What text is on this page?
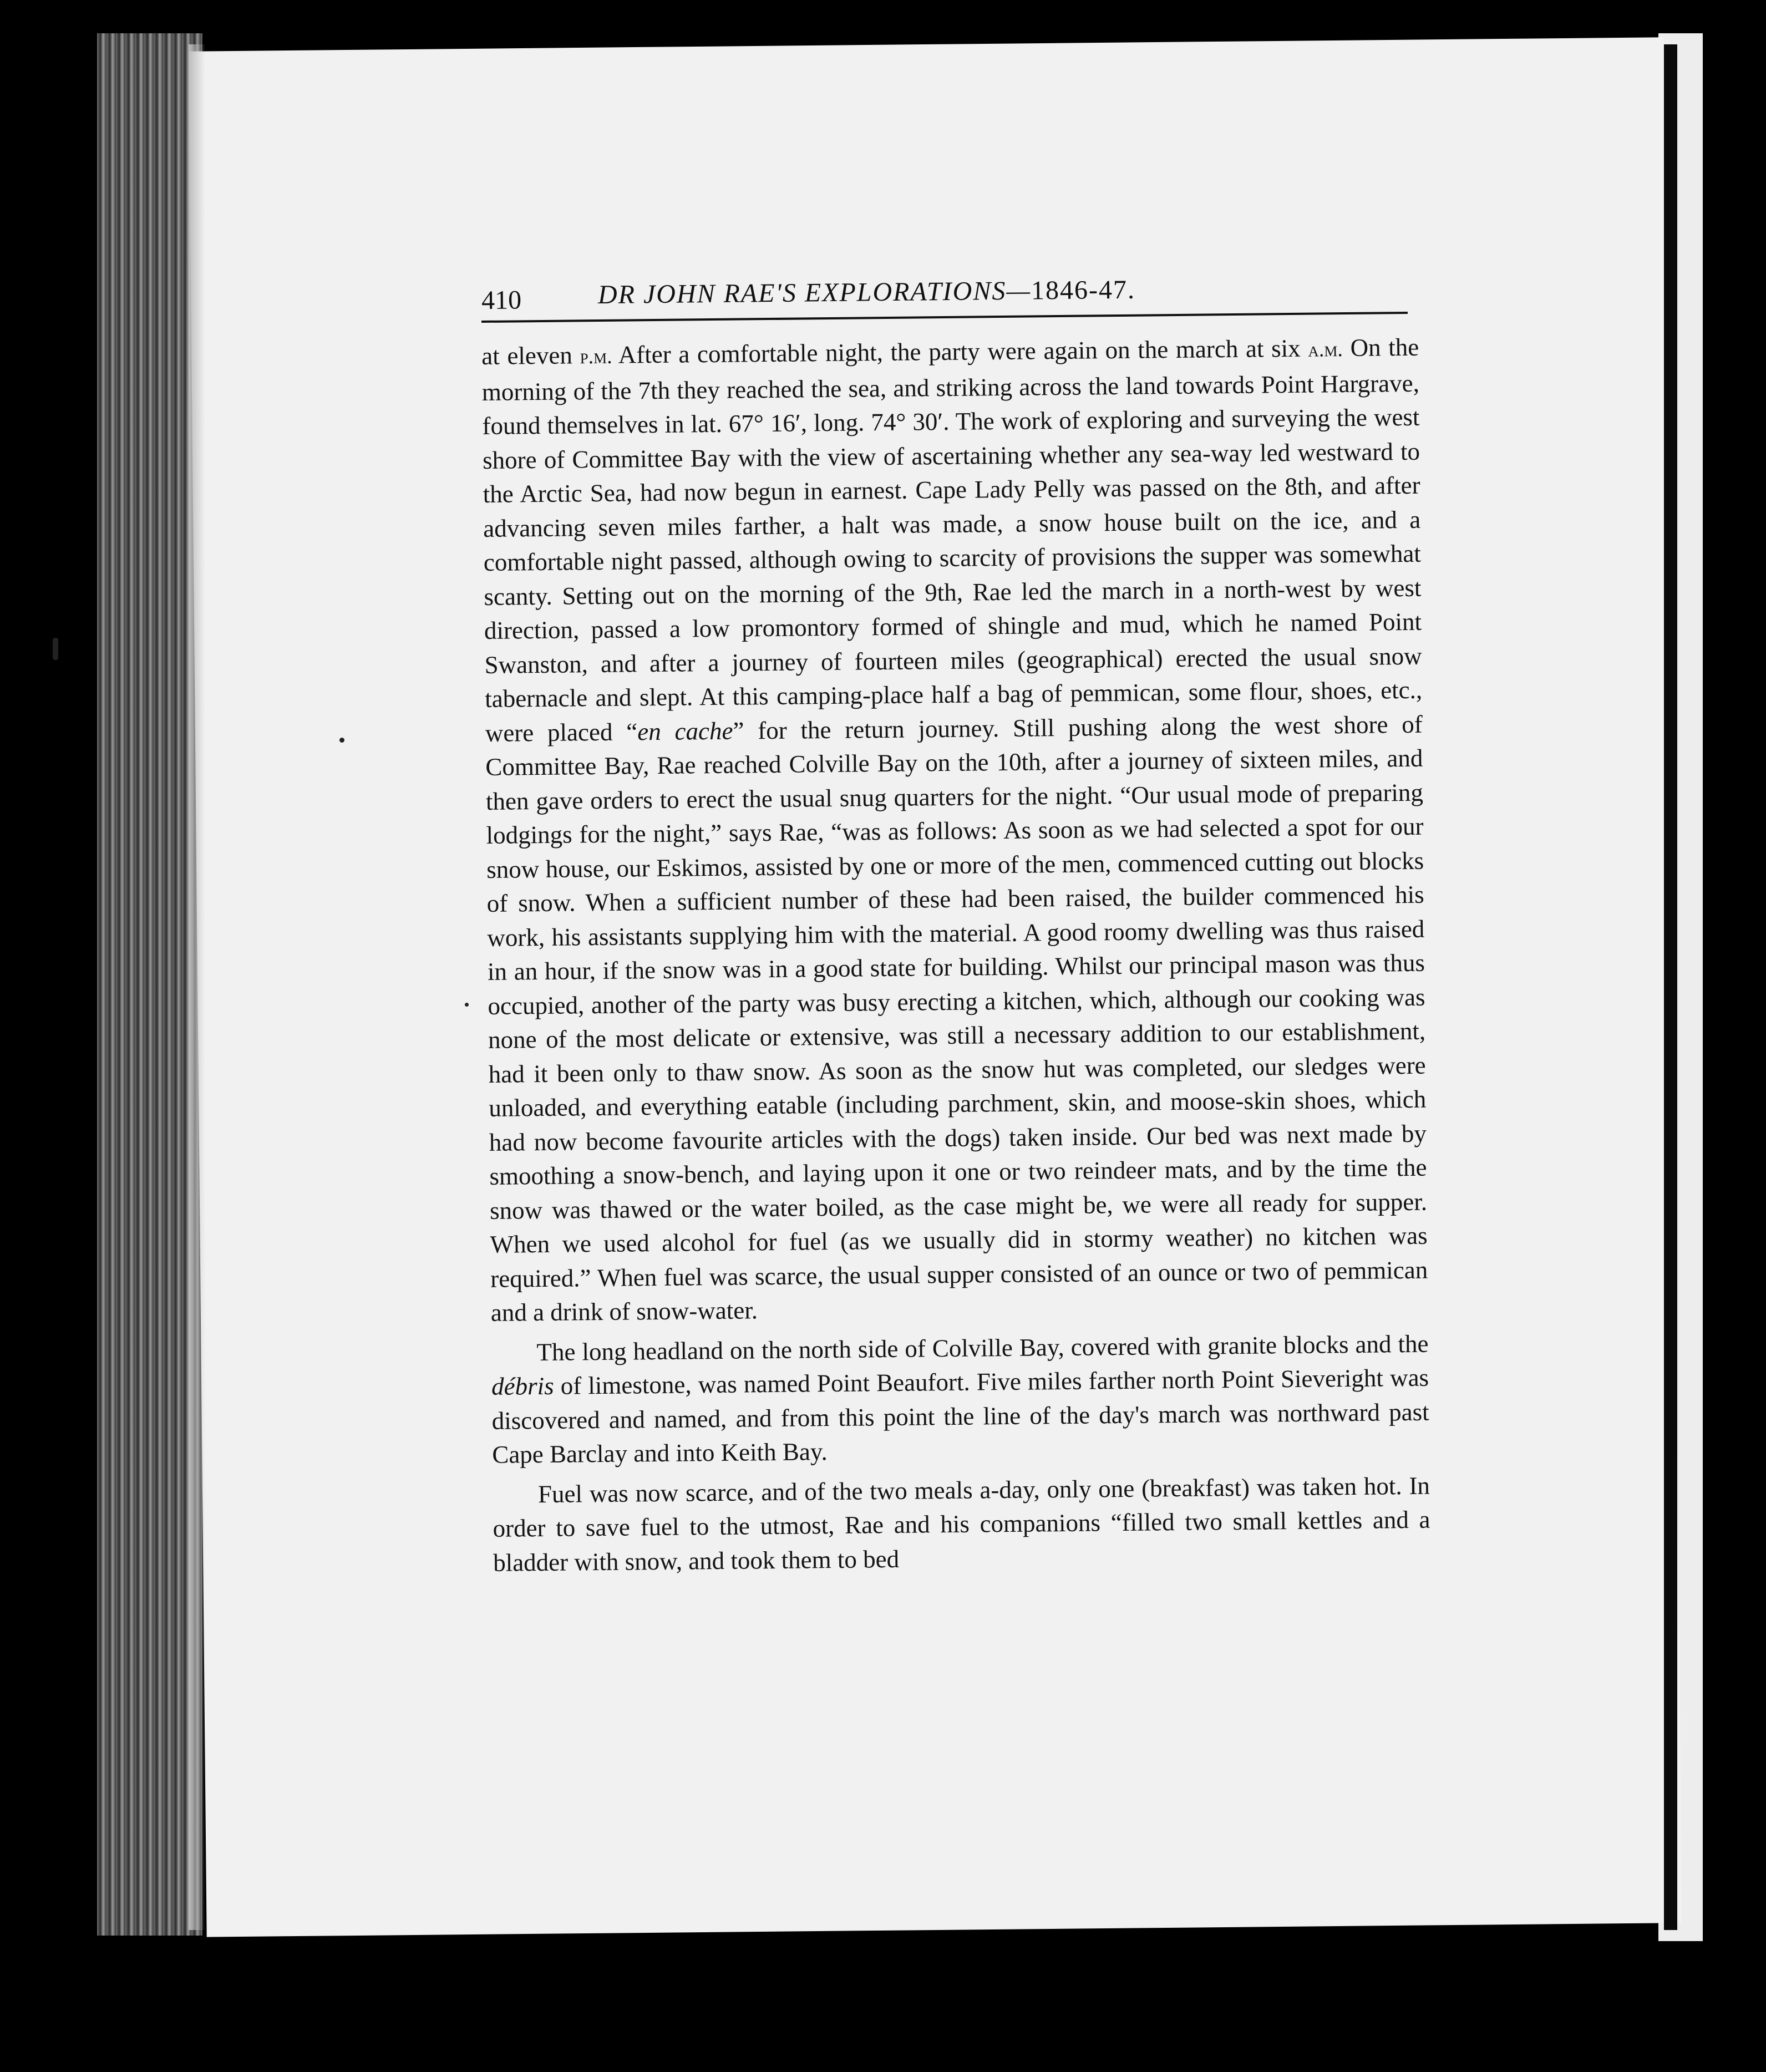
410	DR JOHN RAE'S EXPLORATIONS—1846-47.

at eleven p.m. After a comfortable night, the party were again on the march at six a.m. On the morning of the 7th they reached the sea, and striking across the land towards Point Hargrave, found themselves in lat. 67° 16′, long. 74° 30′. The work of exploring and surveying the west shore of Committee Bay with the view of ascertaining whether any sea-way led westward to the Arctic Sea, had now begun in earnest. Cape Lady Pelly was passed on the 8th, and after advancing seven miles farther, a halt was made, a snow house built on the ice, and a comfortable night passed, although owing to scarcity of provisions the supper was somewhat scanty. Setting out on the morning of the 9th, Rae led the march in a north-west by west direction, passed a low promontory formed of shingle and mud, which he named Point Swanston, and after a journey of fourteen miles (geographical) erected the usual snow tabernacle and slept. At this camping-place half a bag of pemmican, some flour, shoes, etc., were placed “en cache” for the return journey. Still pushing along the west shore of Committee Bay, Rae reached Colville Bay on the 10th, after a journey of sixteen miles, and then gave orders to erect the usual snug quarters for the night. “Our usual mode of preparing lodgings for the night,” says Rae, “was as follows: As soon as we had selected a spot for our snow house, our Eskimos, assisted by one or more of the men, commenced cutting out blocks of snow. When a sufficient number of these had been raised, the builder commenced his work, his assistants supplying him with the material. A good roomy dwelling was thus raised in an hour, if the snow was in a good state for building. Whilst our principal mason was thus occupied, another of the party was busy erecting a kitchen, which, although our cooking was none of the most delicate or extensive, was still a necessary addition to our establishment, had it been only to thaw snow. As soon as the snow hut was completed, our sledges were unloaded, and everything eatable (including parchment, skin, and moose-skin shoes, which had now become favourite articles with the dogs) taken inside. Our bed was next made by smoothing a snow-bench, and laying upon it one or two reindeer mats, and by the time the snow was thawed or the water boiled, as the case might be, we were all ready for supper. When we used alcohol for fuel (as we usually did in stormy weather) no kitchen was required.” When fuel was scarce, the usual supper consisted of an ounce or two of pemmican and a drink of snow-water.

The long headland on the north side of Colville Bay, covered with granite blocks and the débris of limestone, was named Point Beaufort. Five miles farther north Point Sieveright was discovered and named, and from this point the line of the day's march was northward past Cape Barclay and into Keith Bay.

Fuel was now scarce, and of the two meals a-day, only one (breakfast) was taken hot. In order to save fuel to the utmost, Rae and his companions “filled two small kettles and a bladder with snow, and took them to bed
